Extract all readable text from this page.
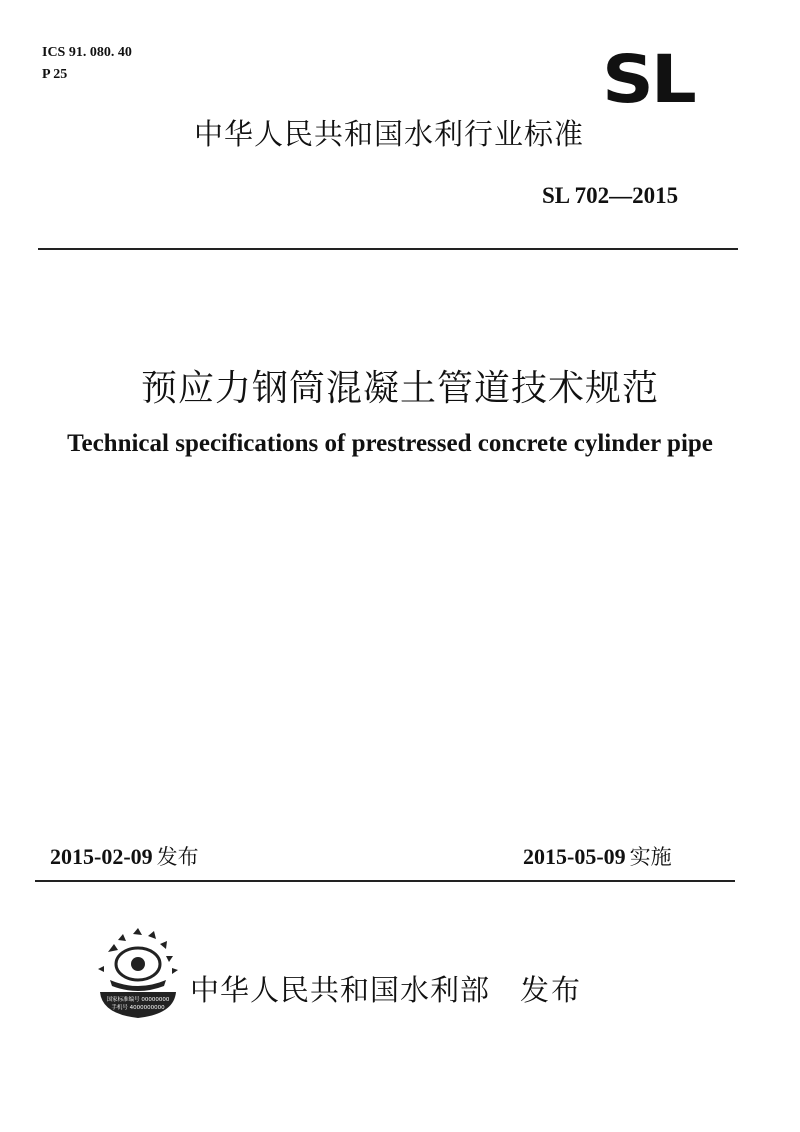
ICS 91. 080. 40
P 25	SL
中华人民共和国水利行业标准
SL 702—2015
预应力钢筒混凝土管道技术规范
Technical specifications of prestressed concrete cylinder pipe
2015-02-09 发布	2015-05-09 实施
国家标准编号 00000000
手机号 4000000000
中华人民共和国水利部 发布
